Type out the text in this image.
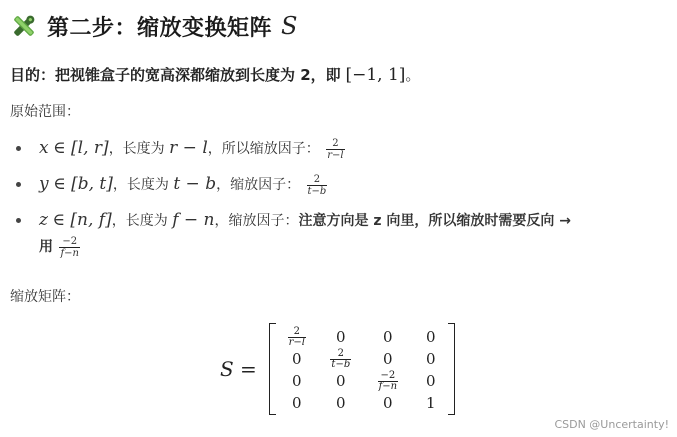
第二步：缩放变换矩阵 S
目的：把视锥盒子的宽高深都缩放到长度为 2，即 [−1, 1]。
原始范围：
x ∈ [l, r]，长度为 r − l，所以缩放因子： $\frac{2}{r-l}$
y ∈ [b, t]，长度为 t − b，缩放因子： $\frac{2}{t-b}$
z ∈ [n, f]，长度为 f − n，缩放因子：注意方向是 z 向里，所以缩放时需要反向 →
用 $\frac{-2}{f-n}$
缩放矩阵：
S =
$\frac{2}{r-l} 0$ 0 0
0	$\frac{2}{t-b} 0$ 0
0 0	$\frac{-2}{f-n} 0$
0 0 0 1
CSDN @Uncertainty!
